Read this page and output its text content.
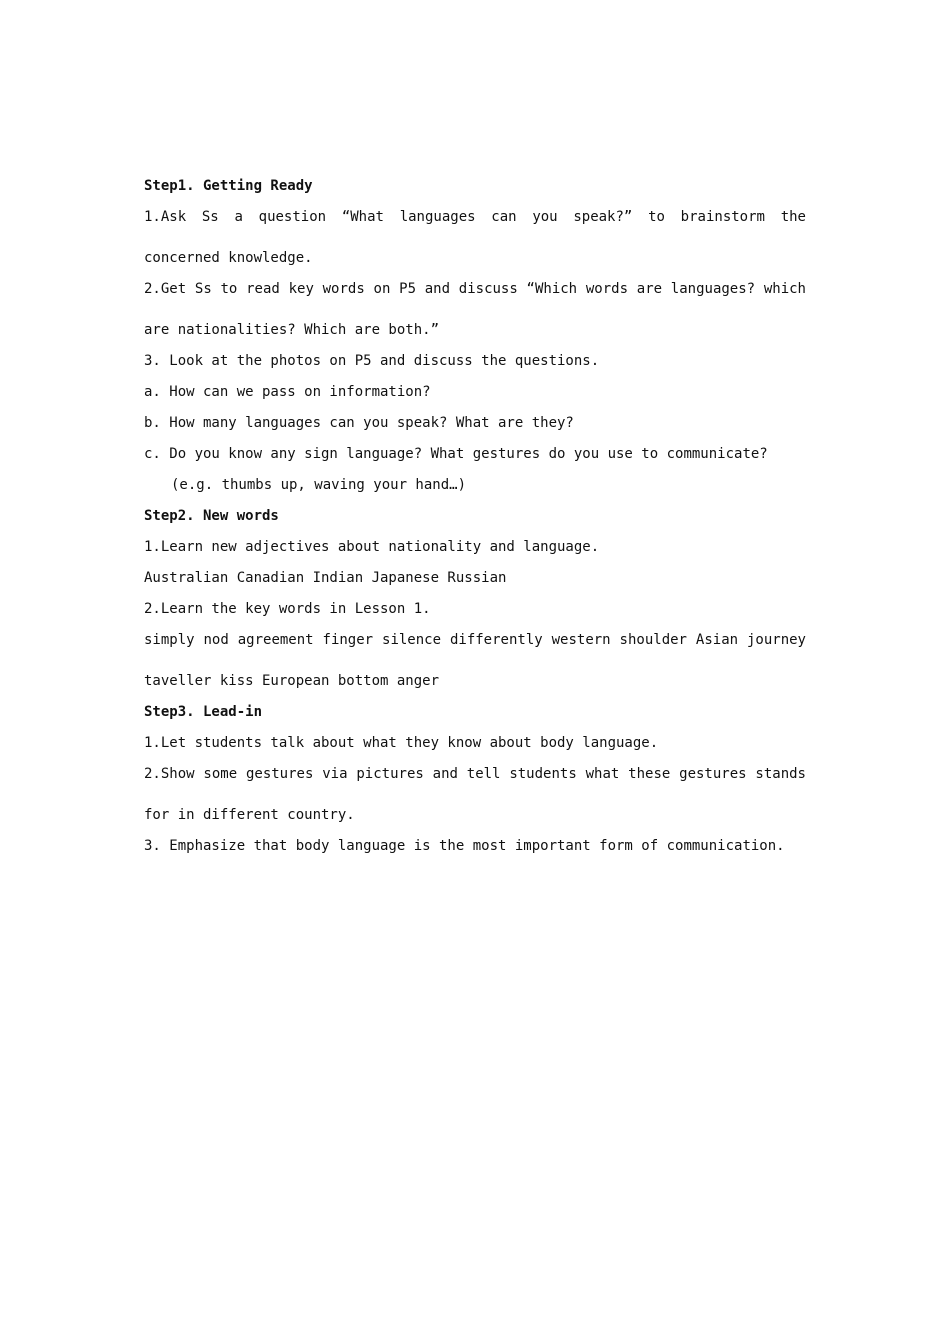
Step1. Getting Ready
1.Ask Ss a question “What languages can you speak?” to brainstorm the
concerned knowledge.
2.Get Ss to read key words on P5 and discuss “Which words are languages? which
are nationalities? Which are both.”
3. Look at the photos on P5 and discuss the questions.
a. How can we pass on information?
b. How many languages can you speak? What are they?
c. Do you know any sign language? What gestures do you use to communicate?
(e.g. thumbs up, waving your hand…)
Step2. New words
1.Learn new adjectives about nationality and language.
Australian Canadian Indian Japanese Russian
2.Learn the key words in Lesson 1.
simply nod agreement finger silence differently western shoulder Asian journey
taveller kiss European bottom anger
Step3. Lead-in
1.Let students talk about what they know about body language.
2.Show some gestures via pictures and tell students what these gestures stands
for in different country.
3. Emphasize that body language is the most important form of communication.
